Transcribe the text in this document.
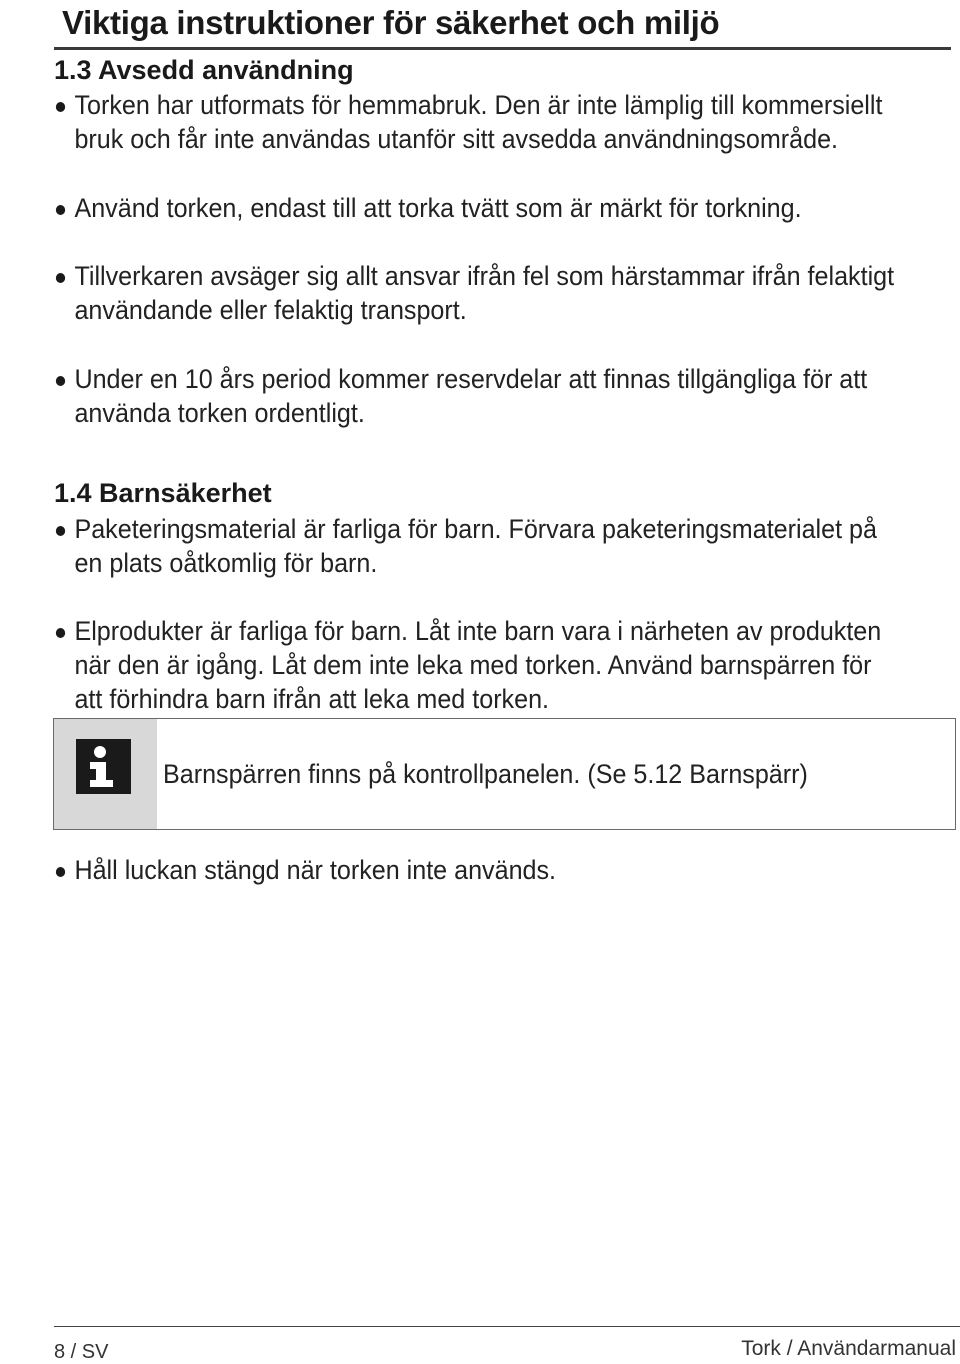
Viktiga instruktioner för säkerhet och miljö
1.3 Avsedd användning
Torken har utformats för hemmabruk. Den är inte lämplig till kommersiellt bruk och får inte användas utanför sitt avsedda användningsområde.
Använd torken, endast till att torka tvätt som är märkt för torkning.
Tillverkaren avsäger sig allt ansvar ifrån fel som härstammar ifrån felaktigt användande eller felaktig transport.
Under en 10 års period kommer reservdelar att finnas tillgängliga för att använda torken ordentligt.
1.4 Barnsäkerhet
Paketeringsmaterial är farliga för barn. Förvara paketeringsmaterialet på en plats oåtkomlig för barn.
Elprodukter är farliga för barn. Låt inte barn vara i närheten av produkten när den är igång. Låt dem inte leka med torken. Använd barnspärren för att förhindra barn ifrån att leka med torken.
Barnspärren finns på kontrollpanelen. (Se 5.12 Barnspärr)
Håll luckan stängd när torken inte används.
8 / SV	Tork / Användarmanual
